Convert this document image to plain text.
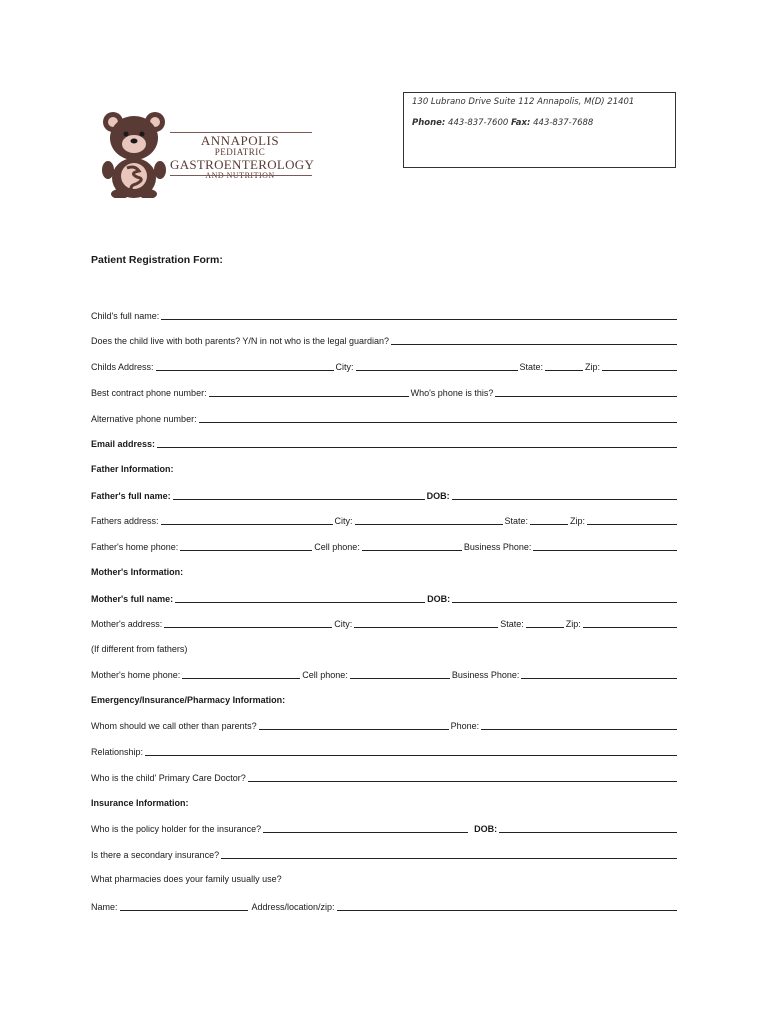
ANNAPOLIS
PEDIATRIC
GASTROENTEROLOGY
130 Lubrano Drive Suite 112 Annapolis, M(D) 21401
Phone: 443-837-7600 Fax: 443-837-7688
Patient Registration Form:
Child's full name:
Does the child live with both parents? Y/N in not who is the legal guardian?
Childs Address:	City:	State:	Zip:
Best contract phone number:	Who's phone is this?
Alternative phone number:
Email address:
Father Information:
Father's full name:	DOB:
Fathers address:	City:	State:	Zip:
Father's home phone:	Cell phone:	Business Phone:
Mother's Information:
Mother's full name:	DOB:
Mother's address:	City:	State:	Zip:
(If different from fathers)
Mother's home phone:	Cell phone:	Business Phone:
Emergency/Insurance/Pharmacy Information:
Whom should we call other than parents?	Phone:
Relationship:
Who is the child' Primary Care Doctor?
Insurance Information:
Who is the policy holder for the insurance?	DOB:
Is there a secondary insurance?
What pharmacies does your family usually use?
Name:	Address/location/zip:
